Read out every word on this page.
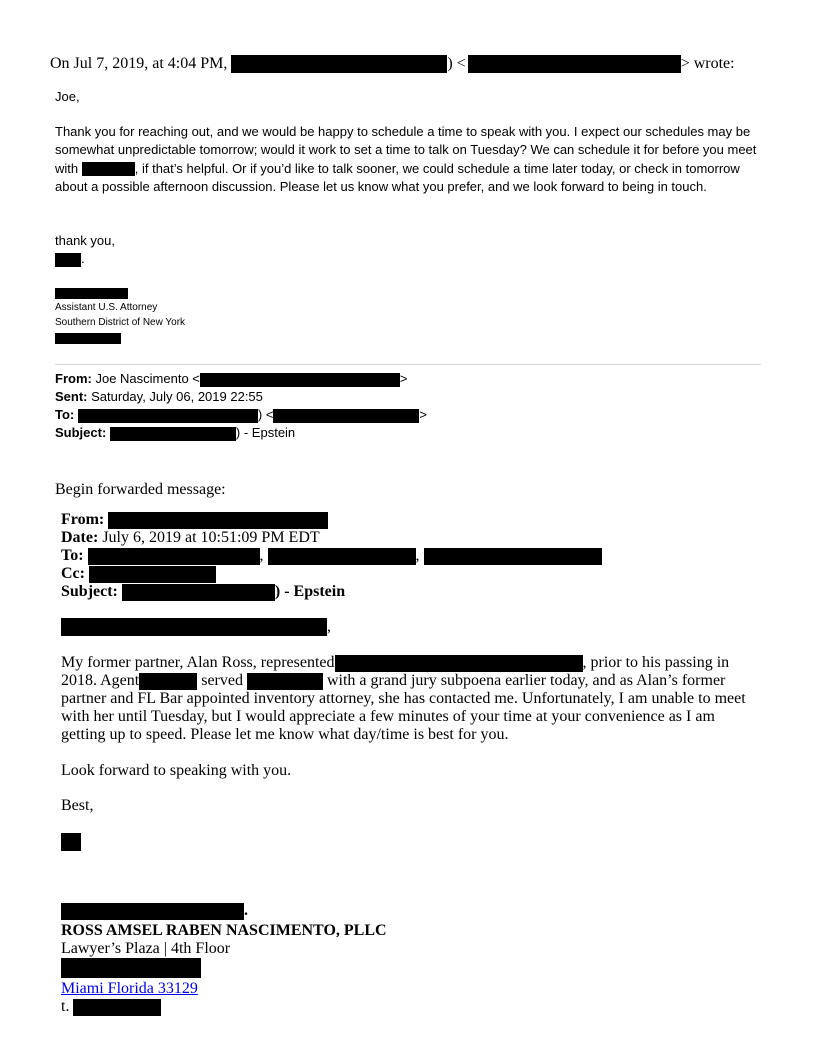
On Jul 7, 2019, at 4:04 PM,	) <	> wrote:
Joe,
Thank you for reaching out, and we would be happy to schedule a time to speak with you. I expect our schedules may be somewhat unpredictable tomorrow; would it work to set a time to talk on Tuesday? We can schedule it for before you meet with	, if that’s helpful. Or if you’d like to talk sooner, we could schedule a time later today, or check in tomorrow about a possible afternoon discussion. Please let us know what you prefer, and we look forward to being in touch.
thank you,
.
Assistant U.S. Attorney
Southern District of New York
From: Joe Nascimento <	>
Sent: Saturday, July 06, 2019 22:55
To:	) <	>
Subject:	) - Epstein
Begin forwarded message:
From:
Date: July 6, 2019 at 10:51:09 PM EDT
To:	,	,
Cc:
Subject:	) - Epstein
,
My former partner, Alan Ross, represented	, prior to his passing in
2018. Agent	served	with a grand jury subpoena earlier today, and as Alan’s former
partner and FL Bar appointed inventory attorney, she has contacted me. Unfortunately, I am unable to meet
with her until Tuesday, but I would appreciate a few minutes of your time at your convenience as I am
getting up to speed. Please let me know what day/time is best for you.
Look forward to speaking with you.
Best,
.
ROSS AMSEL RABEN NASCIMENTO, PLLC
Lawyer’s Plaza | 4th Floor
Miami Florida 33129
t.
